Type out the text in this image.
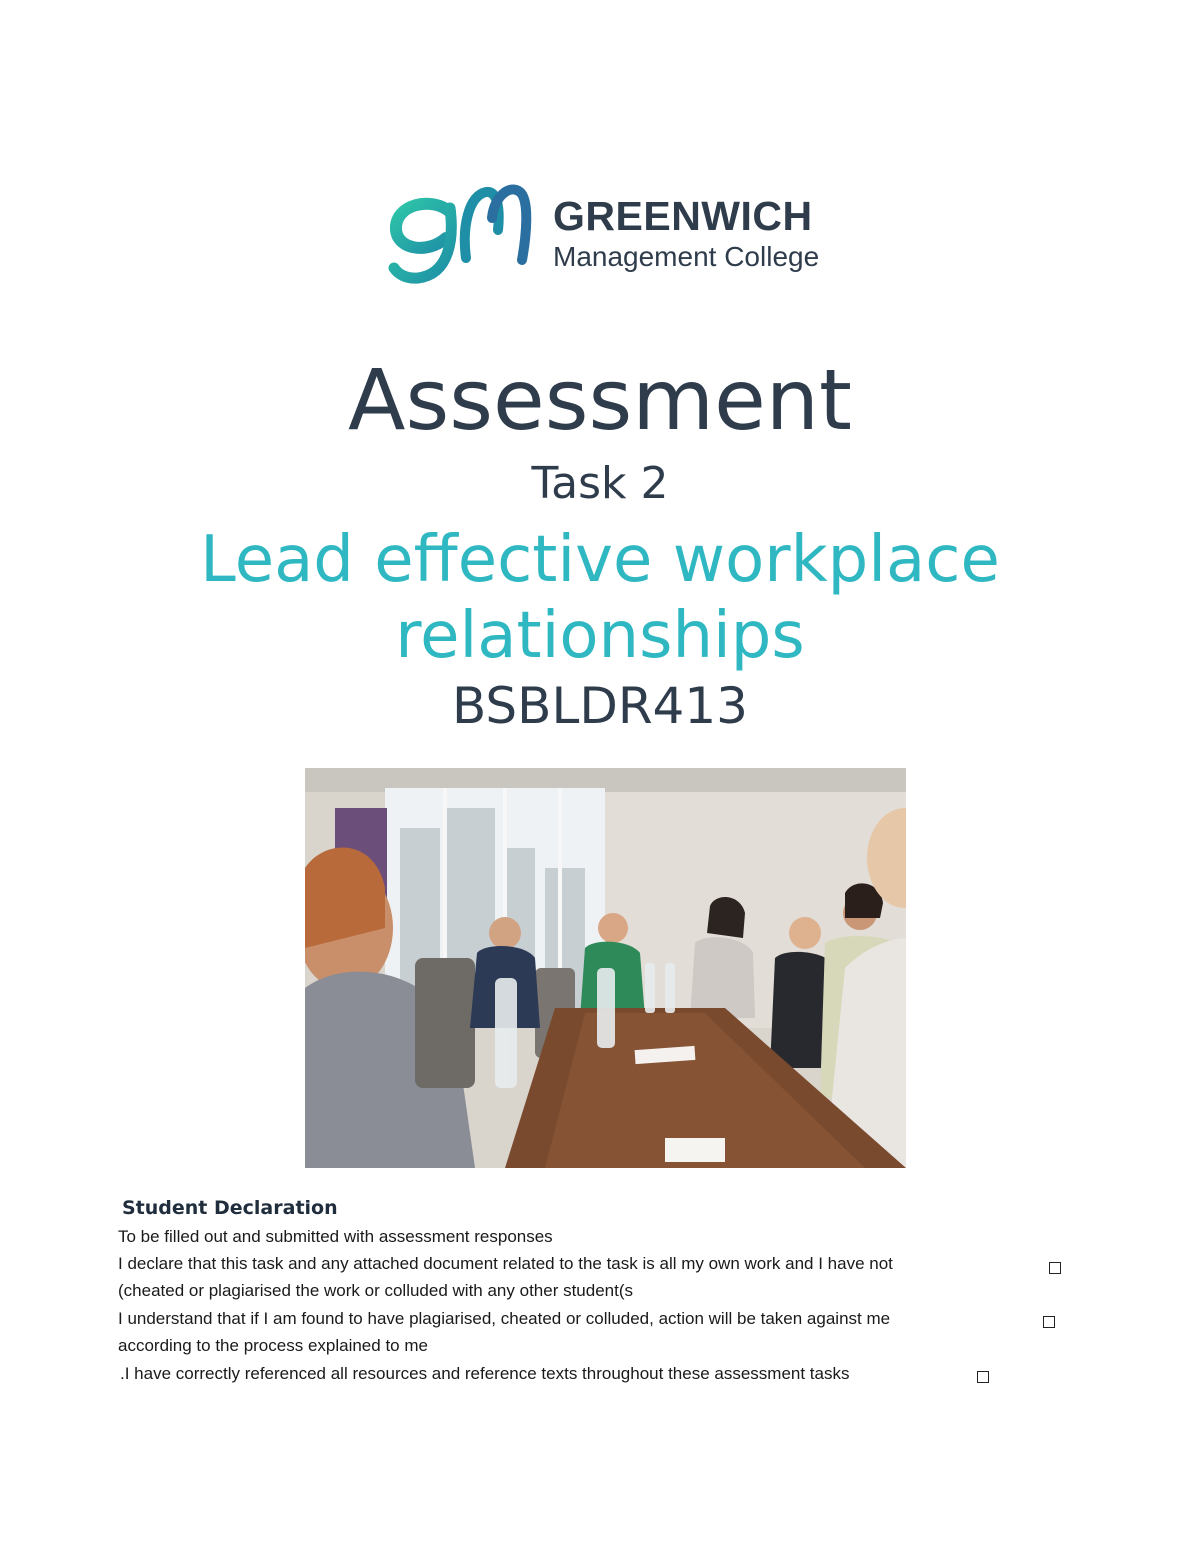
GREENWICH
Management College
Assessment
Task 2
Lead effective workplace
relationships
BSBLDR413
Student Declaration
To be filled out and submitted with assessment responses
I declare that this task and any attached document related to the task is all my own work and I have not
(cheated or plagiarised the work or colluded with any other student(s
I understand that if I am found to have plagiarised, cheated or colluded, action will be taken against me
according to the process explained to me
.I have correctly referenced all resources and reference texts throughout these assessment tasks
